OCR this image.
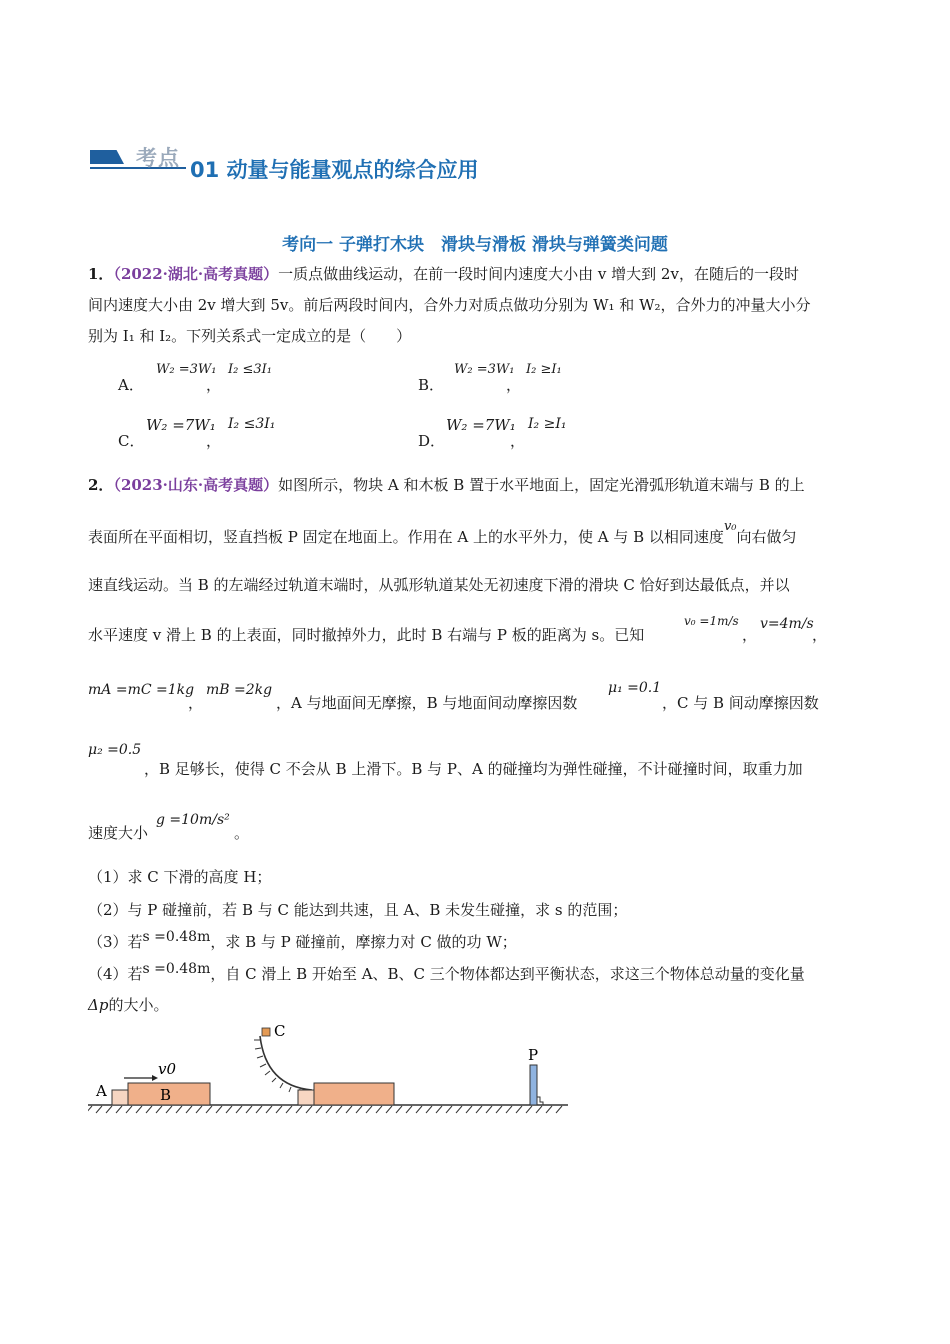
考点 01 动量与能量观点的综合应用
考向一 子弹打木块　滑块与滑板 滑块与弹簧类问题
1．（2022·湖北·高考真题）一质点做曲线运动，在前一段时间内速度大小由 v 增大到 2v，在随后的一段时
间内速度大小由 2v 增大到 5v。前后两段时间内，合外力对质点做功分别为 W₁ 和 W₂，合外力的冲量大小分
别为 I₁ 和 I₂。下列关系式一定成立的是（　　）
A．
W₂ =3W₁
，
I₂ ≤3I₁
B．
W₂ =3W₁
，
I₂ ≥I₁
C．
W₂ =7W₁
，
I₂ ≤3I₁
D．
W₂ =7W₁
，
I₂ ≥I₁
2．（2023·山东·高考真题）如图所示，物块 A 和木板 B 置于水平地面上，固定光滑弧形轨道末端与 B 的上
表面所在平面相切，竖直挡板 P 固定在地面上。作用在 A 上的水平外力，使 A 与 B 以相同速度v₀向右做匀
速直线运动。当 B 的左端经过轨道末端时，从弧形轨道某处无初速度下滑的滑块 C 恰好到达最低点，并以
水平速度 v 滑上 B 的上表面，同时撤掉外力，此时 B 右端与 P 板的距离为 s。已知
v₀ =1m/s
，
v=4m/s
，
mA =mC =1kg
，
mB =2kg
，A 与地面间无摩擦，B 与地面间动摩擦因数
μ₁ =0.1
，C 与 B 间动摩擦因数
μ₂ =0.5
，B 足够长，使得 C 不会从 B 上滑下。B 与 P、A 的碰撞均为弹性碰撞，不计碰撞时间，取重力加
速度大小
g =10m/s²
。
（1）求 C 下滑的高度 H；
（2）与 P 碰撞前，若 B 与 C 能达到共速，且 A、B 未发生碰撞，求 s 的范围；
（3）若s =0.48m，求 B 与 P 碰撞前，摩擦力对 C 做的功 W；
（4）若s =0.48m，自 C 滑上 B 开始至 A、B、C 三个物体都达到平衡状态，求这三个物体总动量的变化量
Δp的大小。
A	B
v0
C
P
